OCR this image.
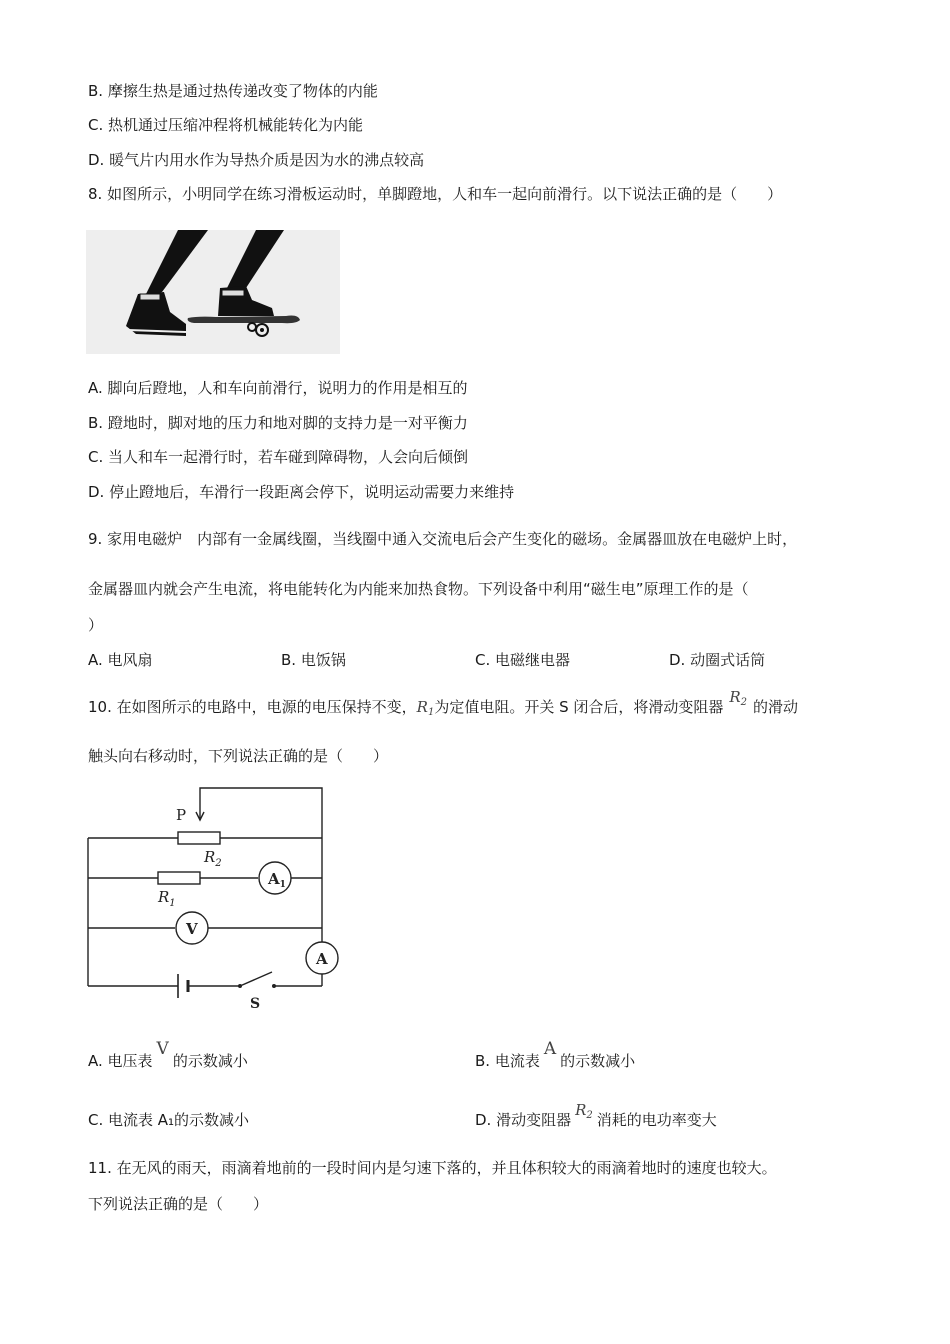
B. 摩擦生热是通过热传递改变了物体的内能
C. 热机通过压缩冲程将机械能转化为内能
D. 暖气片内用水作为导热介质是因为水的沸点较高
8. 如图所示，小明同学在练习滑板运动时，单脚蹬地，人和车一起向前滑行。以下说法正确的是（　　）
A. 脚向后蹬地，人和车向前滑行，说明力的作用是相互的
B. 蹬地时，脚对地的压力和地对脚的支持力是一对平衡力
C. 当人和车一起滑行时，若车碰到障碍物，人会向后倾倒
D. 停止蹬地后，车滑行一段距离会停下，说明运动需要力来维持
9. 家用电磁炉　内部有一金属线圈，当线圈中通入交流电后会产生变化的磁场。金属器皿放在电磁炉上时，
金属器皿内就会产生电流，将电能转化为内能来加热食物。下列设备中利用“磁生电”原理工作的是（
）
A. 电风扇	B. 电饭锅	C. 电磁继电器	D. 动圈式话筒
10. 在如图所示的电路中，电源的电压保持不变，$R_1$为定值电阻。开关 S 闭合后，将滑动变阻器$R_2$ 的滑动
触头向右移动时，下列说法正确的是（　　）
P
$R_2$
$R_1$
$A_1$
V
A
S
A. 电压表V的示数减小	B. 电流表A的示数减小
C. 电流表 A₁的示数减小	D. 滑动变阻器$R_2$ 消耗的电功率变大
11. 在无风的雨天，雨滴着地前的一段时间内是匀速下落的，并且体积较大的雨滴着地时的速度也较大。
下列说法正确的是（　　）
